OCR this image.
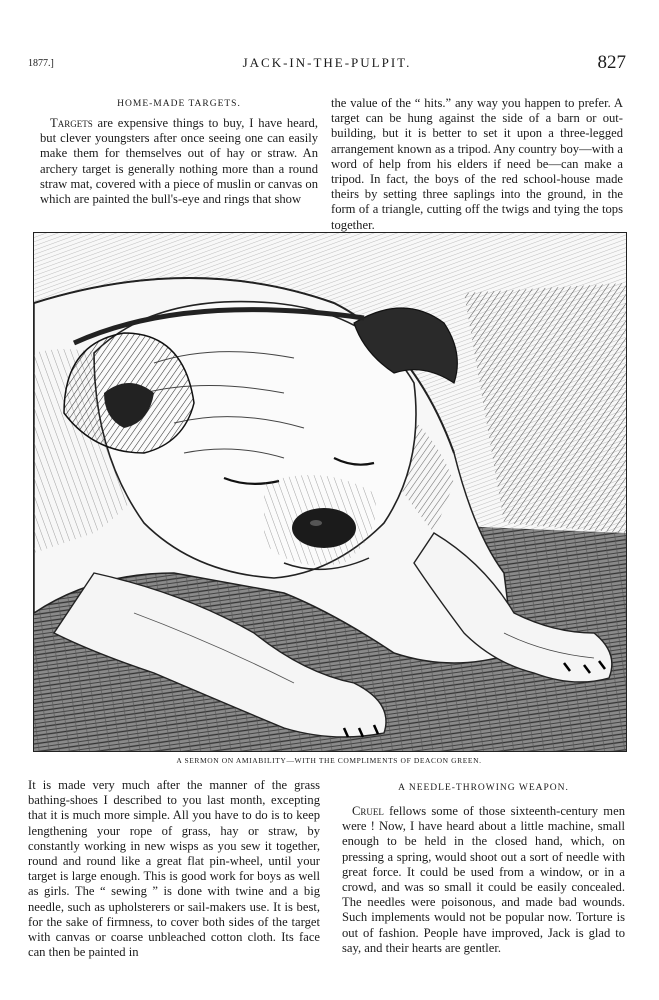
1877.]	JACK-IN-THE-PULPIT.	827
HOME-MADE TARGETS.

Targets are expensive things to buy, I have heard, but clever youngsters after once seeing one can easily make them for themselves out of hay or straw. An archery target is generally nothing more than a round straw mat, covered with a piece of muslin or canvas on which are painted the bull's-eye and rings that show

the value of the “ hits.” any way you happen to prefer. A target can be hung against the side of a barn or out-building, but it is better to set it upon a three-legged arrangement known as a tripod. Any country boy—with a word of help from his elders if need be—can make a tripod. In fact, the boys of the red school-house made theirs by setting three saplings into the ground, in the form of a triangle, cutting off the twigs and tying the tops together.

A SERMON ON AMIABILITY—WITH THE COMPLIMENTS OF DEACON GREEN.

It is made very much after the manner of the grass bathing-shoes I described to you last month, excepting that it is much more simple. All you have to do is to keep lengthening your rope of grass, hay or straw, by constantly working in new wisps as you sew it together, round and round like a great flat pin-wheel, until your target is large enough. This is good work for boys as well as girls. The “ sewing ” is done with twine and a big needle, such as upholsterers or sail-makers use. It is best, for the sake of firmness, to cover both sides of the target with canvas or coarse unbleached cotton cloth. Its face can then be painted in

A NEEDLE-THROWING WEAPON.

Cruel fellows some of those sixteenth-century men were ! Now, I have heard about a little machine, small enough to be held in the closed hand, which, on pressing a spring, would shoot out a sort of needle with great force. It could be used from a window, or in a crowd, and was so small it could be easily concealed. The needles were poisonous, and made bad wounds. Such implements would not be popular now. Torture is out of fashion. People have improved, Jack is glad to say, and their hearts are gentler.
